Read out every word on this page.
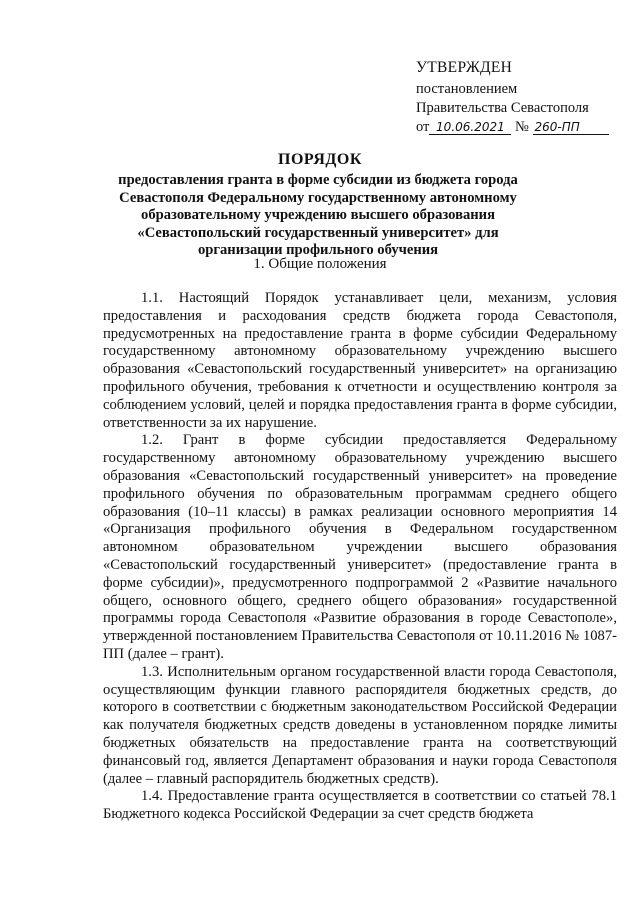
УТВЕРЖДЕН
постановлением
Правительства Севастополя
от 10.06.2021 № 260-ПП
ПОРЯДОК
предоставления гранта в форме субсидии из бюджета города Севастополя Федеральному государственному автономному образовательному учреждению высшего образования «Севастопольский государственный университет» для организации профильного обучения
1. Общие положения

1.1. Настоящий Порядок устанавливает цели, механизм, условия предоставления и расходования средств бюджета города Севастополя, предусмотренных на предоставление гранта в форме субсидии Федеральному государственному автономному образовательному учреждению высшего образования «Севастопольский государственный университет» на организацию профильного обучения, требования к отчетности и осуществлению контроля за соблюдением условий, целей и порядка предоставления гранта в форме субсидии, ответственности за их нарушение.

1.2. Грант в форме субсидии предоставляется Федеральному государственному автономному образовательному учреждению высшего образования «Севастопольский государственный университет» на проведение профильного обучения по образовательным программам среднего общего образования (10–11 классы) в рамках реализации основного мероприятия 14 «Организация профильного обучения в Федеральном государственном автономном образовательном учреждении высшего образования «Севастопольский государственный университет» (предоставление гранта в форме субсидии)», предусмотренного подпрограммой 2 «Развитие начального общего, основного общего, среднего общего образования» государственной программы города Севастополя «Развитие образования в городе Севастополе», утвержденной постановлением Правительства Севастополя от 10.11.2016 № 1087-ПП (далее – грант).

1.3. Исполнительным органом государственной власти города Севастополя, осуществляющим функции главного распорядителя бюджетных средств, до которого в соответствии с бюджетным законодательством Российской Федерации как получателя бюджетных средств доведены в установленном порядке лимиты бюджетных обязательств на предоставление гранта на соответствующий финансовый год, является Департамент образования и науки города Севастополя (далее – главный распорядитель бюджетных средств).

1.4. Предоставление гранта осуществляется в соответствии со статьей 78.1 Бюджетного кодекса Российской Федерации за счет средств бюджета
